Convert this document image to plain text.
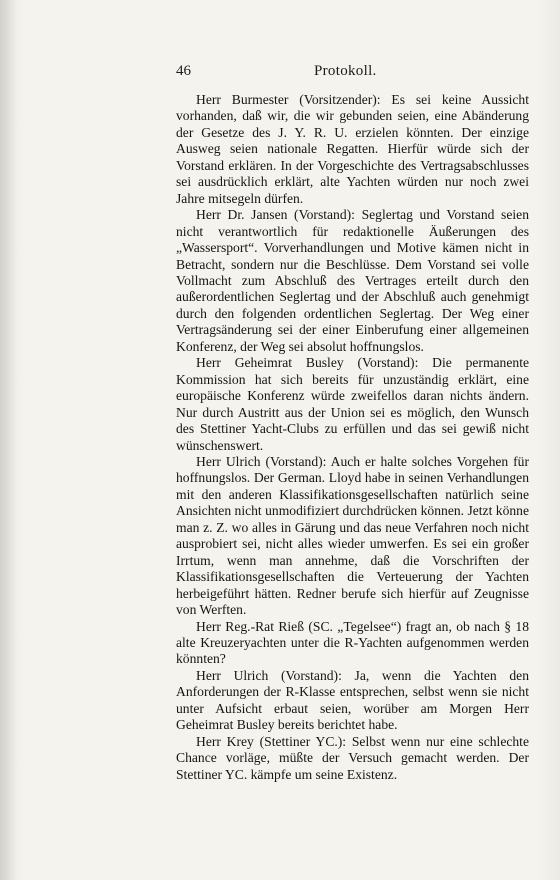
46	Protokoll.

Herr Burmester (Vorsitzender): Es sei keine Aussicht vorhanden, daß wir, die wir gebunden seien, eine Abänderung der Gesetze des J. Y. R. U. erzielen könnten. Der einzige Ausweg seien nationale Regatten. Hierfür würde sich der Vorstand erklären. In der Vorgeschichte des Vertragsabschlusses sei ausdrücklich erklärt, alte Yachten würden nur noch zwei Jahre mitsegeln dürfen.

Herr Dr. Jansen (Vorstand): Seglertag und Vorstand seien nicht verantwortlich für redaktionelle Äußerungen des „Wassersport“. Vorverhandlungen und Motive kämen nicht in Betracht, sondern nur die Beschlüsse. Dem Vorstand sei volle Vollmacht zum Abschluß des Vertrages erteilt durch den außerordentlichen Seglertag und der Abschluß auch genehmigt durch den folgenden ordentlichen Seglertag. Der Weg einer Vertragsänderung sei der einer Einberufung einer allgemeinen Konferenz, der Weg sei absolut hoffnungslos.

Herr Geheimrat Busley (Vorstand): Die permanente Kommission hat sich bereits für unzuständig erklärt, eine europäische Konferenz würde zweifellos daran nichts ändern. Nur durch Austritt aus der Union sei es möglich, den Wunsch des Stettiner Yacht-Clubs zu erfüllen und das sei gewiß nicht wünschenswert.

Herr Ulrich (Vorstand): Auch er halte solches Vorgehen für hoffnungslos. Der German. Lloyd habe in seinen Verhandlungen mit den anderen Klassifikationsgesellschaften natürlich seine Ansichten nicht unmodifiziert durchdrücken können. Jetzt könne man z. Z. wo alles in Gärung und das neue Verfahren noch nicht ausprobiert sei, nicht alles wieder umwerfen. Es sei ein großer Irrtum, wenn man annehme, daß die Vorschriften der Klassifikationsgesellschaften die Verteuerung der Yachten herbeigeführt hätten. Redner berufe sich hierfür auf Zeugnisse von Werften.

Herr Reg.-Rat Rieß (SC. „Tegelsee“) fragt an, ob nach § 18 alte Kreuzeryachten unter die R-Yachten aufgenommen werden könnten?

Herr Ulrich (Vorstand): Ja, wenn die Yachten den Anforderungen der R-Klasse entsprechen, selbst wenn sie nicht unter Aufsicht erbaut seien, worüber am Morgen Herr Geheimrat Busley bereits berichtet habe.

Herr Krey (Stettiner YC.): Selbst wenn nur eine schlechte Chance vorläge, müßte der Versuch gemacht werden. Der Stettiner YC. kämpfe um seine Existenz.
